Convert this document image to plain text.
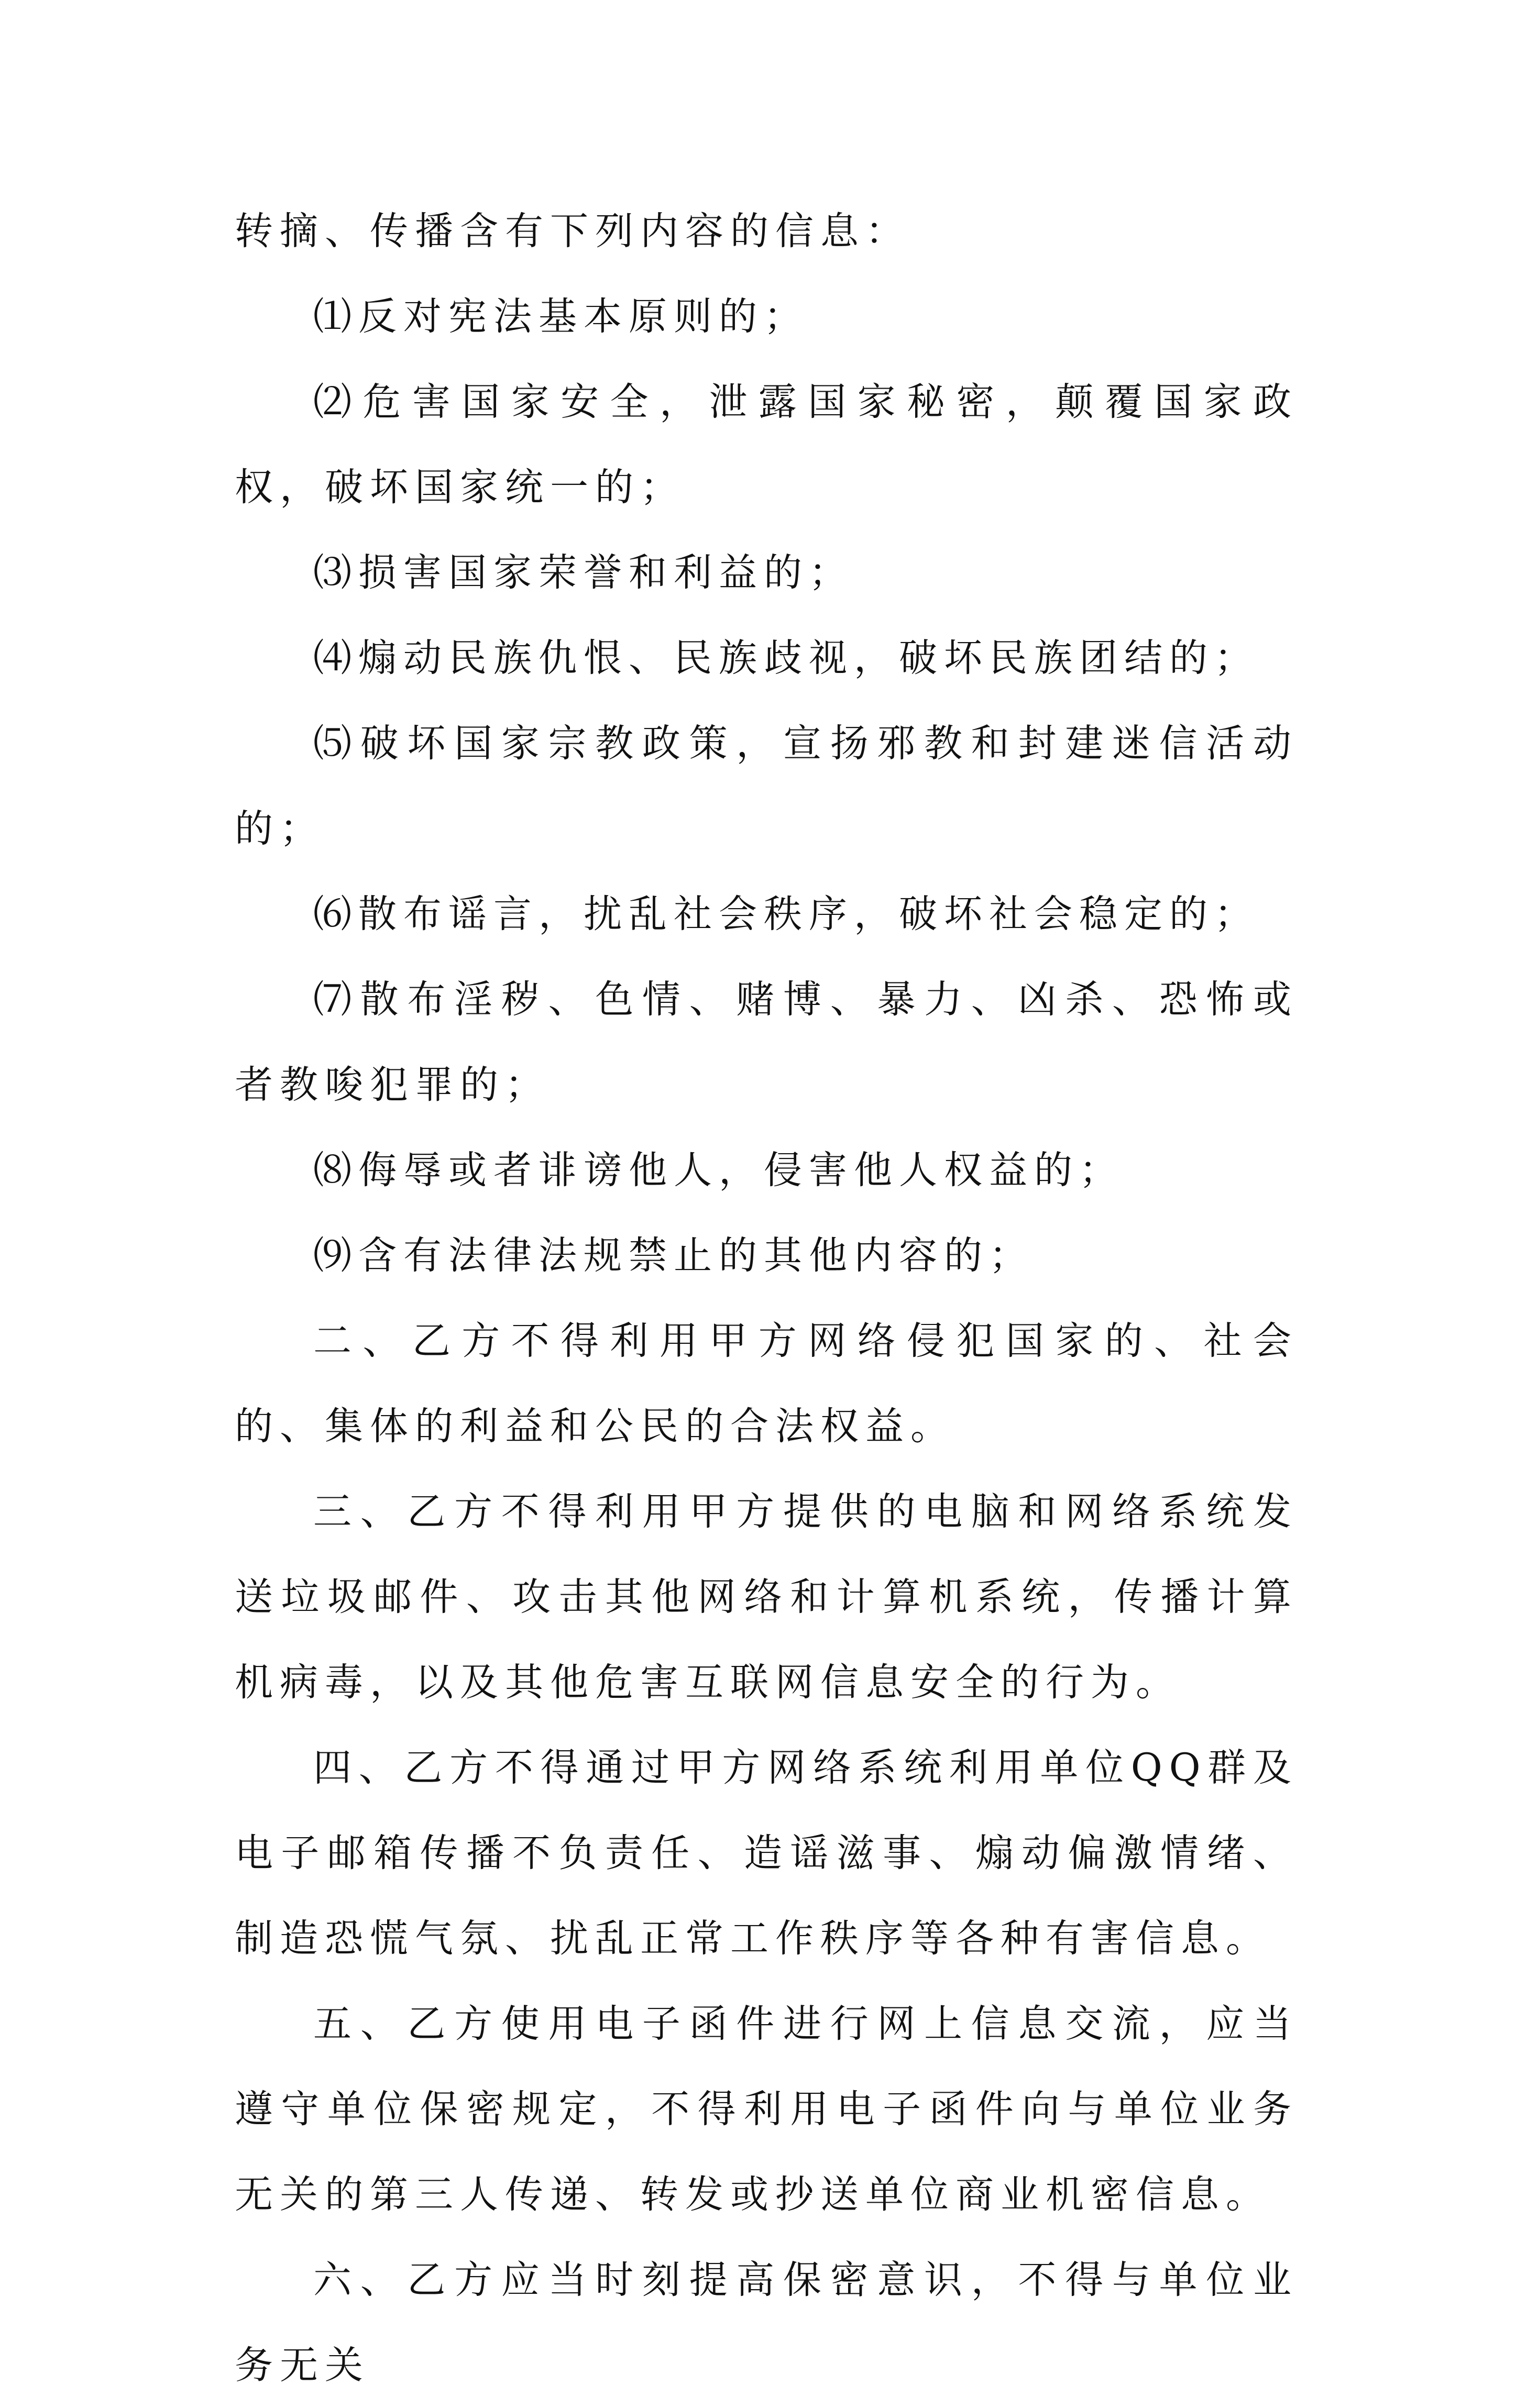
转摘、传播含有下列内容的信息：

⑴反对宪法基本原则的；

⑵危害国家安全，泄露国家秘密，颠覆国家政权，破坏国家统一的；

⑶损害国家荣誉和利益的；

⑷煽动民族仇恨、民族歧视，破坏民族团结的；

⑸破坏国家宗教政策，宣扬邪教和封建迷信活动的；

⑹散布谣言，扰乱社会秩序，破坏社会稳定的；

⑺散布淫秽、色情、赌博、暴力、凶杀、恐怖或者教唆犯罪的；

⑻侮辱或者诽谤他人，侵害他人权益的；

⑼含有法律法规禁止的其他内容的；

二、乙方不得利用甲方网络侵犯国家的、社会的、集体的利益和公民的合法权益。

三、乙方不得利用甲方提供的电脑和网络系统发送垃圾邮件、攻击其他网络和计算机系统，传播计算机病毒，以及其他危害互联网信息安全的行为。

四、乙方不得通过甲方网络系统利用单位QQ群及电子邮箱传播不负责任、造谣滋事、煽动偏激情绪、制造恐慌气氛、扰乱正常工作秩序等各种有害信息。

五、乙方使用电子函件进行网上信息交流，应当遵守单位保密规定，不得利用电子函件向与单位业务无关的第三人传递、转发或抄送单位商业机密信息。

六、乙方应当时刻提高保密意识，不得与单位业务无关
